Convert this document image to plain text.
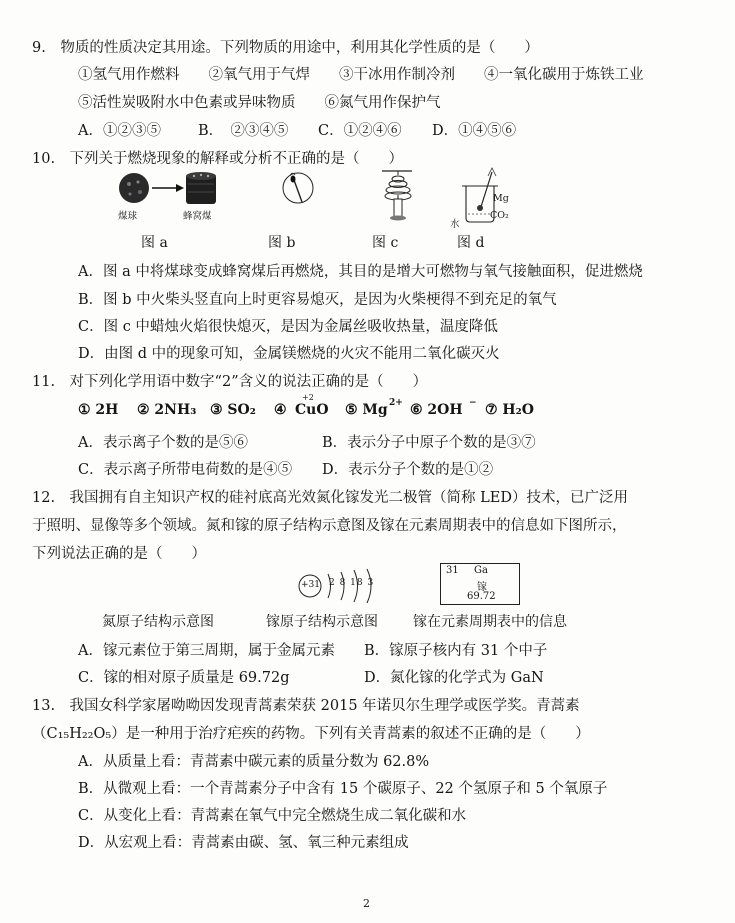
9.　物质的性质决定其用途。下列物质的用途中，利用其化学性质的是（　　）
①氢气用作燃料　　②氧气用于气焊　　③干冰用作制冷剂　　④一氧化碳用于炼铁工业
⑤活性炭吸附水中色素或异味物质　　⑥氮气用作保护气
A．①②③⑤	B．　②③④⑤ C．①②④⑥ D．①④⑤⑥
10.　下列关于燃烧现象的解释或分析不正确的是（　　）
煤球	蜂窝煤
Mg
CO₂
水
图 a	图 b	图 c	图 d
A．图 a 中将煤球变成蜂窝煤后再燃烧，其目的是增大可燃物与氧气接触面积，促进燃烧
B．图 b 中火柴头竖直向上时更容易熄灭，是因为火柴梗得不到充足的氧气
C．图 c 中蜡烛火焰很快熄灭，是因为金属丝吸收热量，温度降低
D．由图 d 中的现象可知，金属镁燃烧的火灾不能用二氧化碳灭火
11.　对下列化学用语中数字“2”含义的说法正确的是（　　）
① 2H ② 2NH₃ ③ SO₂ ④ CuO
+2
⑤ Mg 2+ ⑥ 2OH − ⑦ H₂O
A．表示离子个数的是⑤⑥	B．表示分子中原子个数的是③⑦
C．表示离子所带电荷数的是④⑤ D．表示分子个数的是①②
12.　我国拥有自主知识产权的硅衬底高光效氮化镓发光二极管（简称 LED）技术，已广泛用
于照明、显像等多个领域。氮和镓的原子结构示意图及镓在元素周期表中的信息如下图所示，
下列说法正确的是（　　）
+31 2 8 18 3
31 Ga
镓
69.72
氮原子结构示意图	镓原子结构示意图	镓在元素周期表中的信息
A．镓元素位于第三周期，属于金属元素 B．镓原子核内有 31 个中子
C．镓的相对原子质量是 69.72g	D．氮化镓的化学式为 GaN
13.　我国女科学家屠呦呦因发现青蒿素荣获 2015 年诺贝尔生理学或医学奖。青蒿素
（C₁₅H₂₂O₅）是一种用于治疗疟疾的药物。下列有关青蒿素的叙述不正确的是（　　）
A．从质量上看：青蒿素中碳元素的质量分数为 62.8%
B．从微观上看：一个青蒿素分子中含有 15 个碳原子、22 个氢原子和 5 个氧原子
C．从变化上看：青蒿素在氧气中完全燃烧生成二氧化碳和水
D．从宏观上看：青蒿素由碳、氢、氧三种元素组成
2
